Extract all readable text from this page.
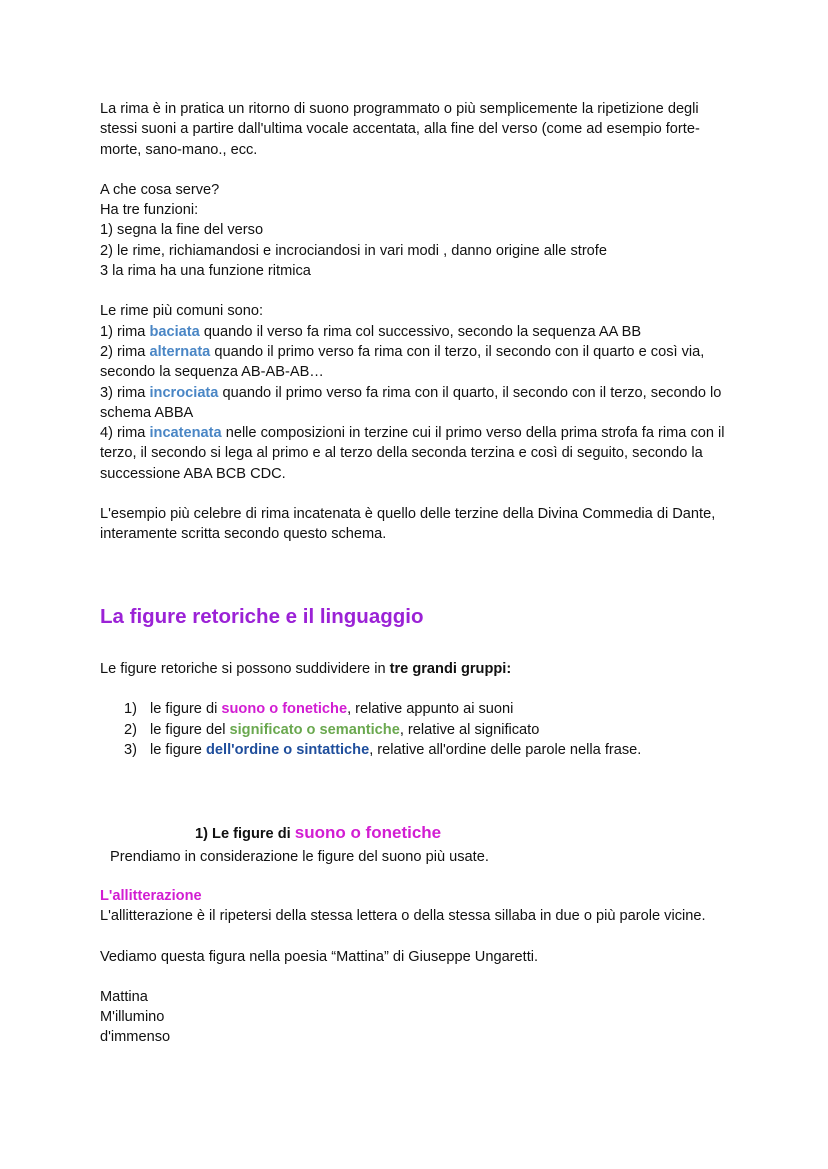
La rima è in pratica un ritorno di suono programmato o più semplicemente la ripetizione degli stessi suoni a partire dall'ultima vocale accentata, alla fine del verso (come ad esempio forte-morte, sano-mano., ecc.

A che cosa serve?

Ha tre funzioni:

1) segna la fine del verso

2) le rime, richiamandosi e incrociandosi in vari modi , danno origine alle strofe

3 la rima ha una funzione ritmica

Le rime più comuni sono:

1) rima baciata quando il verso fa rima col successivo, secondo la sequenza AA BB

2) rima alternata quando il primo verso fa rima con il terzo, il secondo con il quarto e così via, secondo la sequenza AB-AB-AB…

3) rima incrociata quando il primo verso fa rima con il quarto, il secondo con il terzo, secondo lo schema ABBA

4) rima incatenata nelle composizioni in terzine cui il primo verso della prima strofa fa rima con il terzo, il secondo si lega al primo e al terzo della seconda terzina e così di seguito, secondo la successione ABA BCB CDC.

L'esempio più celebre di rima incatenata è quello delle terzine della Divina Commedia di Dante, interamente scritta secondo questo schema.

La figure retoriche e il linguaggio

Le figure retoriche si possono suddividere in tre grandi gruppi:

1) le figure di suono o fonetiche, relative appunto ai suoni
2) le figure del significato o semantiche, relative al significato
3) le figure dell'ordine o sintattiche, relative all'ordine delle parole nella frase.

1) Le figure di suono o fonetiche

Prendiamo in considerazione le figure del suono più usate.

L'allitterazione

L'allitterazione è il ripetersi della stessa lettera o della stessa sillaba in due o più parole vicine.

Vediamo questa figura nella poesia “Mattina” di Giuseppe Ungaretti.

Mattina

M'illumino

d'immenso
